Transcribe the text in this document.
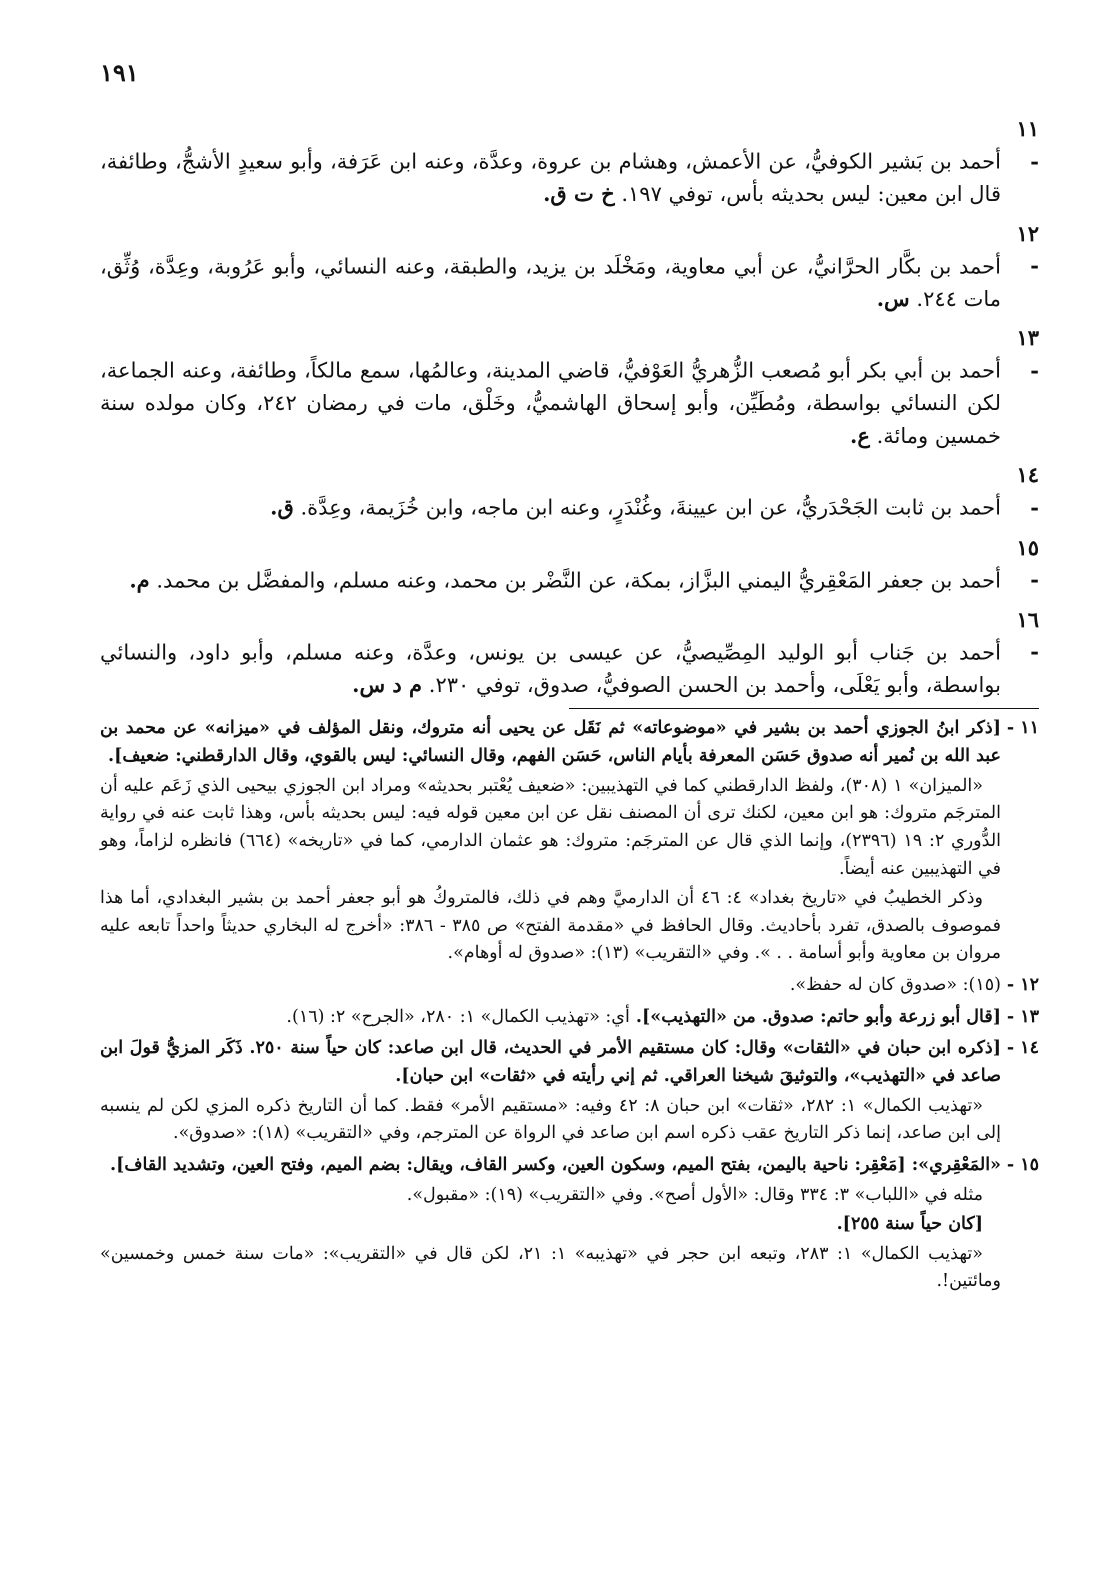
١٩١
١١ -أحمد بن بَشير الكوفيُّ، عن الأعمش، وهشام بن عروة، وعدَّة، وعنه ابن عَرَفة، وأبو سعيدٍ الأشجُّ، وطائفة، قال ابن معين: ليس بحديثه بأس، توفي ١٩٧. خ ت ق.
١٢ -أحمد بن بكَّار الحرَّانيُّ، عن أبي معاوية، ومَخْلَد بن يزيد، والطبقة، وعنه النسائي، وأبو عَرُوبة، وعِدَّة، وُثِّق، مات ٢٤٤. س.
١٣ -أحمد بن أبي بكر أبو مُصعب الزُّهريُّ العَوْفيُّ، قاضي المدينة، وعالمُها، سمع مالكاً، وطائفة، وعنه الجماعة، لكن النسائي بواسطة، ومُطَيِّن، وأبو إسحاق الهاشميُّ، وخَلْق، مات في رمضان ٢٤٢، وكان مولده سنة خمسين ومائة. ع.
١٤ -أحمد بن ثابت الجَحْدَريُّ، عن ابن عيينةَ، وغُنْدَرٍ، وعنه ابن ماجه، وابن خُزَيمة، وعِدَّة. ق.
١٥ -أحمد بن جعفر المَعْقِريُّ اليمني البزَّاز، بمكة، عن النَّضْر بن محمد، وعنه مسلم، والمفضَّل بن محمد. م.
١٦ -أحمد بن جَناب أبو الوليد المِصِّيصيُّ، عن عيسى بن يونس، وعدَّة، وعنه مسلم، وأبو داود، والنسائي بواسطة، وأبو يَعْلَى، وأحمد بن الحسن الصوفيُّ، صدوق، توفي ٢٣٠. م د س.
١١ -[ذكر ابنُ الجوزي أحمد بن بشير في «موضوعاته» ثم نَقَل عن يحيى أنه متروك، ونقل المؤلف في «ميزانه» عن محمد بن عبد الله بن نُمير أنه صدوق حَسَن المعرفة بأيام الناس، حَسَن الفهم، وقال النسائي: ليس بالقوي، وقال الدارقطني: ضعيف].
«الميزان» ١ (٣٠٨)، ولفظ الدارقطني كما في التهذيبين: «ضعيف يُعْتبر بحديثه» ومراد ابن الجوزي بيحيى الذي زَعَم عليه أن المترجَم متروك: هو ابن معين، لكنك ترى أن المصنف نقل عن ابن معين قوله فيه: ليس بحديثه بأس، وهذا ثابت عنه في رواية الدُّوري ٢: ١٩ (٢٣٩٦)، وإنما الذي قال عن المترجَم: متروك: هو عثمان الدارمي، كما في «تاريخه» (٦٦٤) فانظره لزاماً، وهو في التهذيبين عنه أيضاً.
وذكر الخطيبُ في «تاريخ بغداد» ٤: ٤٦ أن الدارميَّ وهم في ذلك، فالمتروكُ هو أبو جعفر أحمد بن بشير البغدادي، أما هذا فموصوف بالصدق، تفرد بأحاديث. وقال الحافظ في «مقدمة الفتح» ص ٣٨٥ - ٣٨٦: «أخرج له البخاري حديثاً واحداً تابعه عليه مروان بن معاوية وأبو أسامة . . ». وفي «التقريب» (١٣): «صدوق له أوهام».
١٢ -(١٥): «صدوق كان له حفظ».
١٣ -[قال أبو زرعة وأبو حاتم: صدوق. من «التهذيب»]. أي: «تهذيب الكمال» ١: ٢٨٠، «الجرح» ٢: (١٦).
١٤ -[ذكره ابن حبان في «الثقات» وقال: كان مستقيم الأمر في الحديث، قال ابن صاعد: كان حياً سنة ٢٥٠. ذَكَر المزيُّ قولَ ابن صاعد في «التهذيب»، والتوثيقَ شيخنا العراقي. ثم إني رأيته في «ثقات» ابن حبان].
«تهذيب الكمال» ١: ٢٨٢، «ثقات» ابن حبان ٨: ٤٢ وفيه: «مستقيم الأمر» فقط. كما أن التاريخ ذكره المزي لكن لم ينسبه إلى ابن صاعد، إنما ذكر التاريخ عقب ذكره اسم ابن صاعد في الرواة عن المترجم، وفي «التقريب» (١٨): «صدوق».
١٥ -«المَعْقِري»: [مَعْقِر: ناحية باليمن، بفتح الميم، وسكون العين، وكسر القاف، ويقال: بضم الميم، وفتح العين، وتشديد القاف].
مثله في «اللباب» ٣: ٣٣٤ وقال: «الأول أصح». وفي «التقريب» (١٩): «مقبول».
[كان حياً سنة ٢٥٥].
«تهذيب الكمال» ١: ٢٨٣، وتبعه ابن حجر في «تهذيبه» ١: ٢١، لكن قال في «التقريب»: «مات سنة خمس وخمسين» ومائتين!.
